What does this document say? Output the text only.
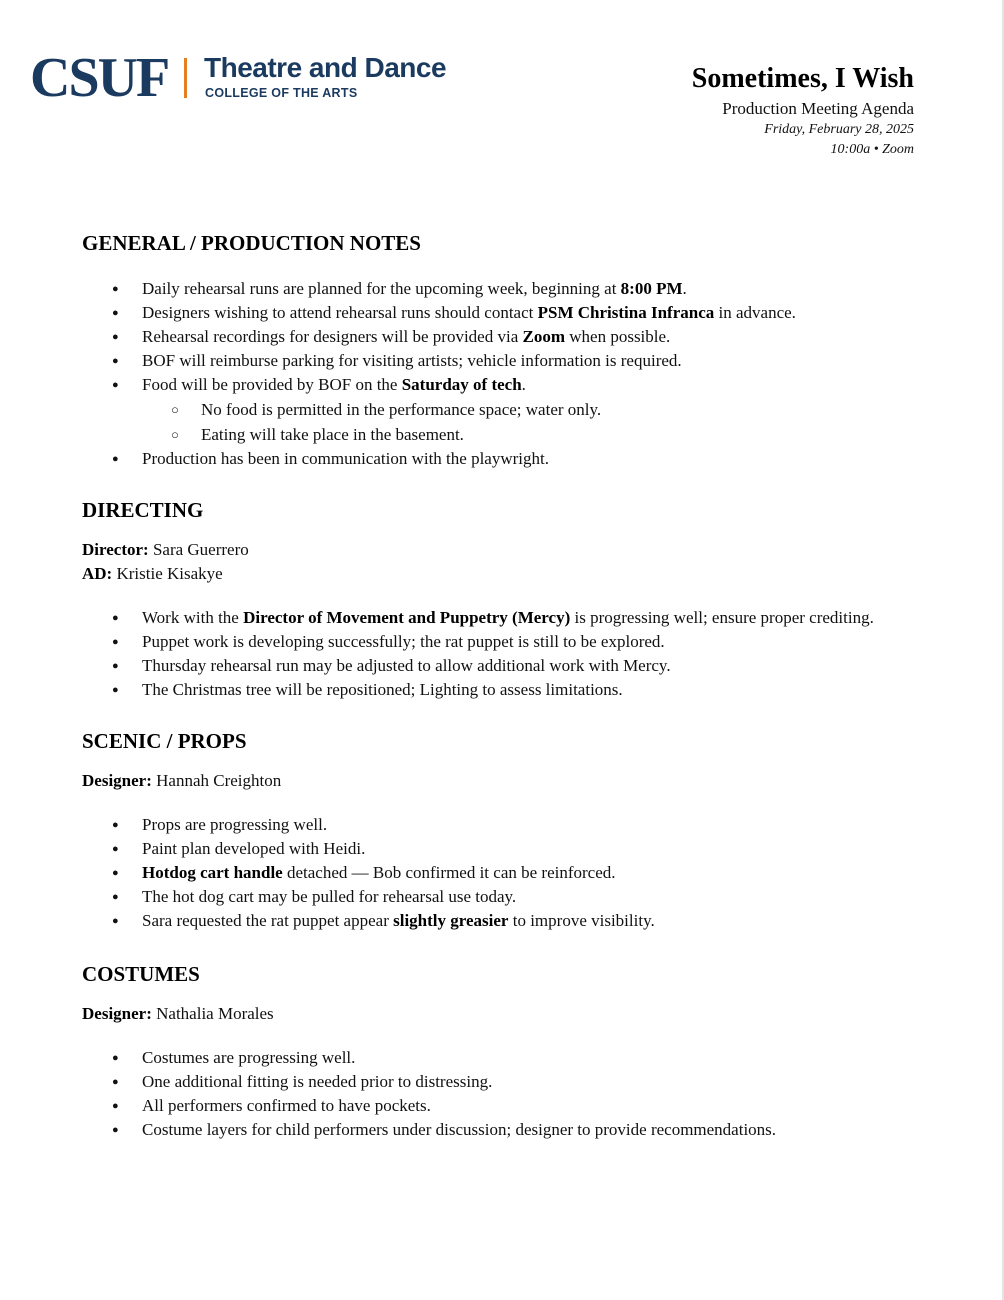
CSUF Theatre and Dance
COLLEGE OF THE ARTS	Sometimes, I Wish
Production Meeting Agenda
Friday, February 28, 2025
10:00a • Zoom
GENERAL / PRODUCTION NOTES
● Daily rehearsal runs are planned for the upcoming week, beginning at 8:00 PM.
● Designers wishing to attend rehearsal runs should contact PSM Christina Infranca in advance.
● Rehearsal recordings for designers will be provided via Zoom when possible.
● BOF will reimburse parking for visiting artists; vehicle information is required.
● Food will be provided by BOF on the Saturday of tech.
○ No food is permitted in the performance space; water only.
○ Eating will take place in the basement.
● Production has been in communication with the playwright.
DIRECTING
Director: Sara Guerrero
AD: Kristie Kisakye
● Work with the Director of Movement and Puppetry (Mercy) is progressing well; ensure proper crediting.
● Puppet work is developing successfully; the rat puppet is still to be explored.
● Thursday rehearsal run may be adjusted to allow additional work with Mercy.
● The Christmas tree will be repositioned; Lighting to assess limitations.
SCENIC / PROPS
Designer: Hannah Creighton
● Props are progressing well.
● Paint plan developed with Heidi.
● Hotdog cart handle detached — Bob confirmed it can be reinforced.
● The hot dog cart may be pulled for rehearsal use today.
● Sara requested the rat puppet appear slightly greasier to improve visibility.
COSTUMES
Designer: Nathalia Morales
● Costumes are progressing well.
● One additional fitting is needed prior to distressing.
● All performers confirmed to have pockets.
● Costume layers for child performers under discussion; designer to provide recommendations.
